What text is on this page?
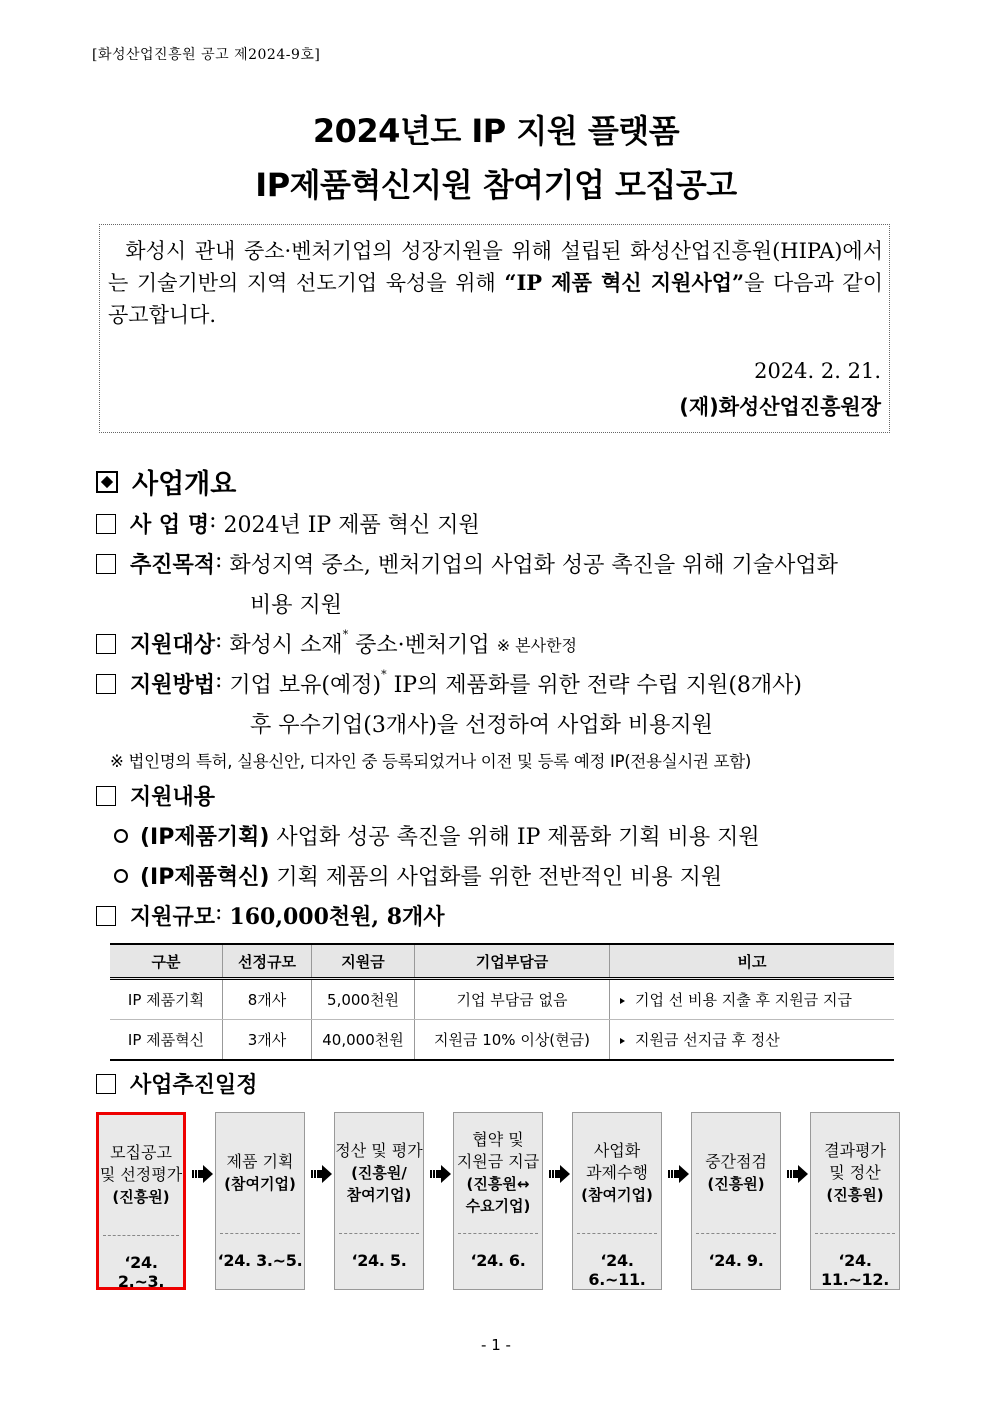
[화성산업진흥원 공고 제2024-9호]
2024년도 IP 지원 플랫폼
IP제품혁신지원 참여기업 모집공고
화성시 관내 중소·벤처기업의 성장지원을 위해 설립된 화성산업진흥원(HIPA)에서는 기술기반의 지역 선도기업 육성을 위해 “IP 제품 혁신 지원사업”을 다음과 같이 공고합니다.
2024. 2. 21.
(재)화성산업진흥원장
사업개요
사 업 명 : 2024년 IP 제품 혁신 지원
추진목적 : 화성지역 중소, 벤처기업의 사업화 성공 촉진을 위해 기술사업화
비용 지원
지원대상 : 화성시 소재* 중소·벤처기업 ※ 본사한정
지원방법 : 기업 보유(예정)* IP의 제품화를 위한 전략 수립 지원(8개사)
후 우수기업(3개사)을 선정하여 사업화 비용지원
※ 법인명의 특허, 실용신안, 디자인 중 등록되었거나 이전 및 등록 예정 IP(전용실시권 포함)
지원내용
(IP제품기획) 사업화 성공 촉진을 위해 IP 제품화 기획 비용 지원
(IP제품혁신) 기획 제품의 사업화를 위한 전반적인 비용 지원
지원규모 : 160,000천원, 8개사
구분	선정규모	지원금	기업부담금	비고
IP 제품기획	8개사	5,000천원	기업 부담금 없음	기업 선 비용 지출 후 지원금 지급
IP 제품혁신	3개사	40,000천원	지원금 10% 이상(현금)	지원금 선지급 후 정산
사업추진일정
모집공고
및 선정평가
(진흥원)
‘24. 2.~3.
제품 기획
(참여기업)
‘24. 3.~5.
정산 및 평가
(진흥원/
참여기업)
‘24. 5.
협약 및
지원금 지급
(진흥원↔
수요기업)
‘24. 6.
사업화
과제수행
(참여기업)
‘24. 6.~11.
중간점검
(진흥원)
‘24. 9.
결과평가
및 정산
(진흥원)
‘24. 11.~12.
- 1 -
